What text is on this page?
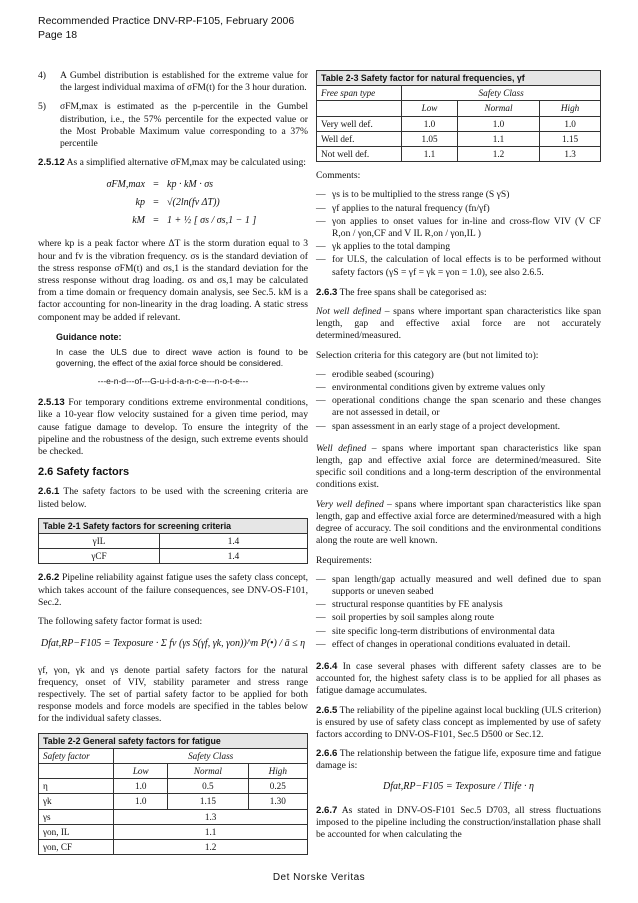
Recommended Practice DNV-RP-F105, February 2006
Page 18
4)	A Gumbel distribution is established for the extreme value for the largest individual maxima of σFM(t) for the 3 hour duration.
5)	σFM,max is estimated as the p-percentile in the Gumbel distribution, i.e., the 57% percentile for the expected value or the Most Probable Maximum value corresponding to a 37% percentile

2.5.12 As a simplified alternative σFM,max may be calculated using:

σFM,max = kp · kM · σs
kp = √(2ln(fv ΔT))
kM = 1 + ½ [ σs / σs,1 − 1 ]

where kp is a peak factor where ΔT is the storm duration equal to 3 hour and fv is the vibration frequency. σs is the standard deviation of the stress response σFM(t) and σs,1 is the standard deviation for the stress response without drag loading. σs and σs,1 may be calculated from a time domain or frequency domain analysis, see Sec.5. kM is a factor accounting for non-linearity in the drag loading. A static stress component may be added if relevant.

Guidance note:
In case the ULS due to direct wave action is found to be governing, the effect of the axial force should be considered.
---e-n-d---of---G-u-i-d-a-n-c-e---n-o-t-e---

2.5.13 For temporary conditions extreme environmental conditions, like a 10-year flow velocity sustained for a given time period, may cause fatigue damage to develop. To ensure the integrity of the pipeline and the robustness of the design, such extreme events should be checked.

2.6 Safety factors

2.6.1 The safety factors to be used with the screening criteria are listed below.

Table 2-1 Safety factors for screening criteria	
γIL	1.4
γCF	1.4

2.6.2 Pipeline reliability against fatigue uses the safety class concept, which takes account of the failure consequences, see DNV-OS-F101, Sec.2.

The following safety factor format is used:

Dfat,RP−F105 = Texposure · Σ fv (γs S(γf, γk, γon))^m P(•) / ā ≤ η

γf, γon, γk and γs denote partial safety factors for the natural frequency, onset of VIV, stability parameter and stress range respectively. The set of partial safety factor to be applied for both response models and force models are specified in the tables below for the individual safety classes.

Table 2-2 General safety factors for fatigue			
Safety factor	Safety Class		
	Low	Normal	High
η	1.0	0.5	0.25
γk	1.0	1.15	1.30
γs	1.3		
γon, IL	1.1		
γon, CF	1.2		
Table 2-3 Safety factor for natural frequencies, γf			
Free span type	Safety Class		
	Low	Normal	High
Very well def.	1.0	1.0	1.0
Well def.	1.05	1.1	1.15
Not well def.	1.1	1.2	1.3

Comments:

— γs is to be multiplied to the stress range (S γS)
— γf applies to the natural frequency (fn/γf)
— γon applies to onset values for in-line and cross-flow VIV (V CF R,on / γon,CF and V IL R,on / γon,IL )
— γk applies to the total damping
— for ULS, the calculation of local effects is to be performed without safety factors (γS = γf = γk = γon = 1.0), see also 2.6.5.

2.6.3 The free spans shall be categorised as:

Not well defined – spans where important span characteristics like span length, gap and effective axial force are not accurately determined/measured.

Selection criteria for this category are (but not limited to):

— erodible seabed (scouring)
— environmental conditions given by extreme values only
— operational conditions change the span scenario and these changes are not assessed in detail, or
— span assessment in an early stage of a project development.

Well defined – spans where important span characteristics like span length, gap and effective axial force are determined/measured. Site specific soil conditions and a long-term description of the environmental conditions exist.

Very well defined – spans where important span characteristics like span length, gap and effective axial force are determined/measured with a high degree of accuracy. The soil conditions and the environmental conditions along the route are well known.

Requirements:

— span length/gap actually measured and well defined due to span supports or uneven seabed
— structural response quantities by FE analysis
— soil properties by soil samples along route
— site specific long-term distributions of environmental data
— effect of changes in operational conditions evaluated in detail.

2.6.4 In case several phases with different safety classes are to be accounted for, the highest safety class is to be applied for all phases as fatigue damage accumulates.

2.6.5 The reliability of the pipeline against local buckling (ULS criterion) is ensured by use of safety class concept as implemented by use of safety factors according to DNV-OS-F101, Sec.5 D500 or Sec.12.

2.6.6 The relationship between the fatigue life, exposure time and fatigue damage is:

Dfat,RP−F105 = Texposure / Tlife · η

2.6.7 As stated in DNV-OS-F101 Sec.5 D703, all stress fluctuations imposed to the pipeline including the construction/installation phase shall be accounted for when calculating the

Det Norske Veritas
